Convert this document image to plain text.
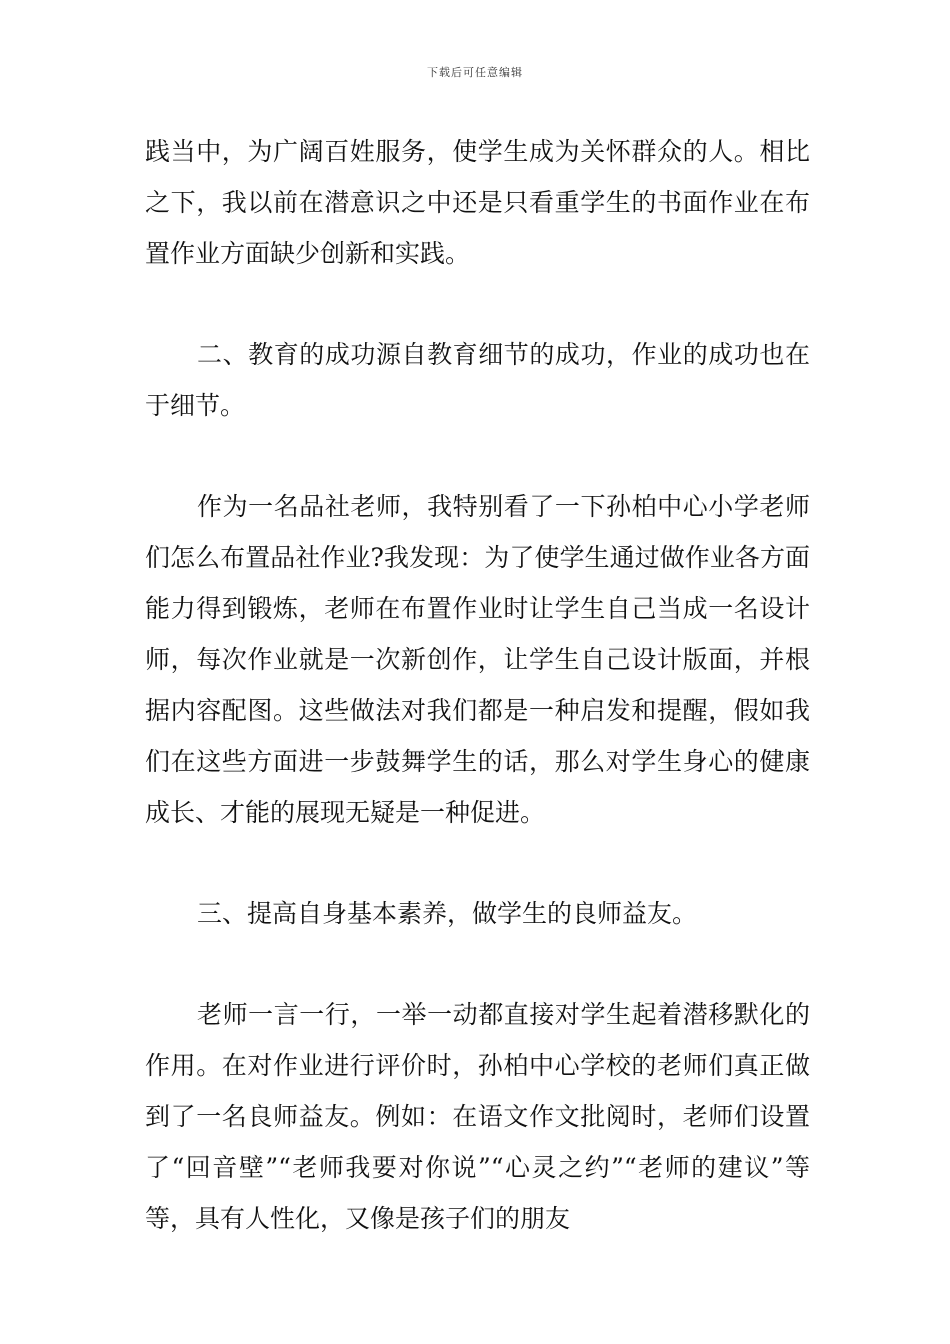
下载后可任意编辑

践当中，为广阔百姓服务，使学生成为关怀群众的人。相比之下，我以前在潜意识之中还是只看重学生的书面作业在布置作业方面缺少创新和实践。

二、教育的成功源自教育细节的成功，作业的成功也在于细节。

作为一名品社老师，我特别看了一下孙柏中心小学老师们怎么布置品社作业?我发现：为了使学生通过做作业各方面能力得到锻炼，老师在布置作业时让学生自己当成一名设计师，每次作业就是一次新创作，让学生自己设计版面，并根据内容配图。这些做法对我们都是一种启发和提醒，假如我们在这些方面进一步鼓舞学生的话，那么对学生身心的健康成长、才能的展现无疑是一种促进。

三、提高自身基本素养，做学生的良师益友。

老师一言一行，一举一动都直接对学生起着潜移默化的作用。在对作业进行评价时，孙柏中心学校的老师们真正做到了一名良师益友。例如：在语文作文批阅时，老师们设置了“回音壁”“老师我要对你说”“心灵之约”“老师的建议”等等，具有人性化，又像是孩子们的朋友
